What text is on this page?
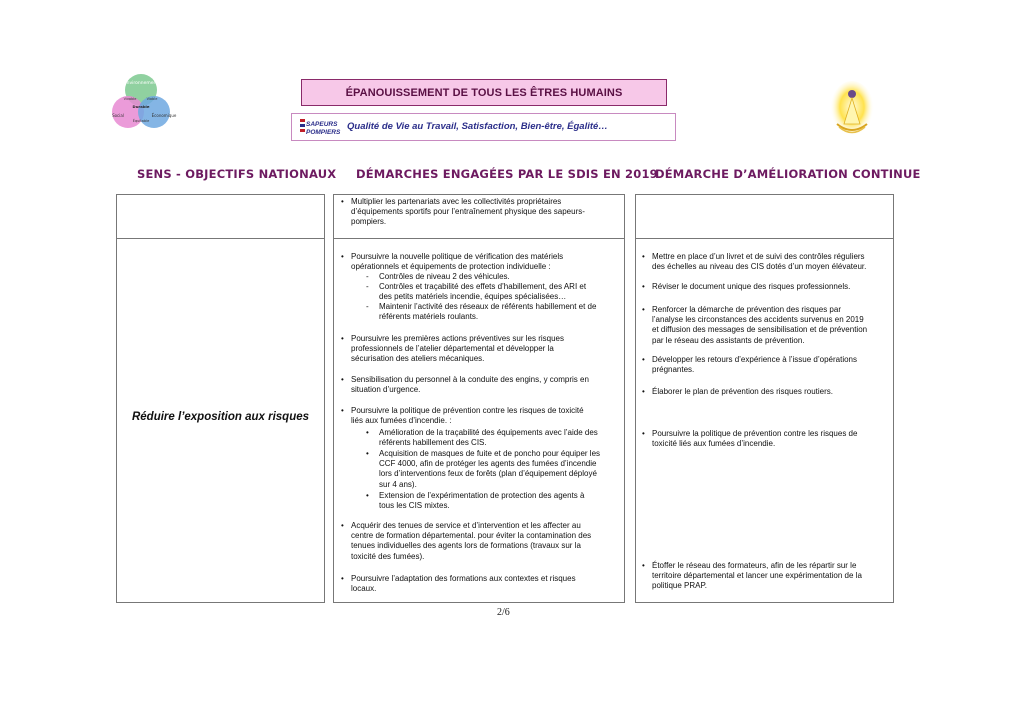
Environnement
Social	Économique
Vivable	Viable
Équitable
Durable
ÉPANOUISSEMENT DE TOUS LES ÊTRES HUMAINS
SAPEURS
POMPIERS
Qualité de Vie au Travail, Satisfaction, Bien-être, Égalité…
SENS - OBJECTIFS NATIONAUX DÉMARCHES ENGAGÉES PAR LE SDIS EN 2019
DÉMARCHE D’AMÉLIORATION CONTINUE
Réduire l’exposition aux risques
• Multiplier les partenariats avec les collectivités propriétaires
d’équipements sportifs pour l’entraînement physique des sapeurs-
pompiers.
• Poursuivre la nouvelle politique de vérification des matériels
opérationnels et équipements de protection individuelle :
- Contrôles de niveau 2 des véhicules.
- Contrôles et traçabilité des effets d’habillement, des ARI et
des petits matériels incendie, équipes spécialisées…
- Maintenir l’activité des réseaux de référents habillement et de
référents matériels roulants.
• Poursuivre les premières actions préventives sur les risques
professionnels de l’atelier départemental et développer la
sécurisation des ateliers mécaniques.
• Sensibilisation du personnel à la conduite des engins, y compris en
situation d’urgence.
• Poursuivre la politique de prévention contre les risques de toxicité
liés aux fumées d’incendie. :
• Amélioration de la traçabilité des équipements avec l’aide des
référents habillement des CIS.
• Acquisition de masques de fuite et de poncho pour équiper les
CCF 4000, afin de protéger les agents des fumées d’incendie
lors d’interventions feux de forêts (plan d’équipement déployé
sur 4 ans).
• Extension de l’expérimentation de protection des agents à
tous les CIS mixtes.
• Acquérir des tenues de service et d’intervention et les affecter au
centre de formation départemental. pour éviter la contamination des
tenues individuelles des agents lors de formations (travaux sur la
toxicité des fumées).
• Poursuivre l’adaptation des formations aux contextes et risques
locaux.
• Mettre en place d’un livret et de suivi des contrôles réguliers
des échelles au niveau des CIS dotés d’un moyen élévateur.
• Réviser le document unique des risques professionnels.
• Renforcer la démarche de prévention des risques par
l’analyse les circonstances des accidents survenus en 2019
et diffusion des messages de sensibilisation et de prévention
par le réseau des assistants de prévention.
• Développer les retours d’expérience à l’issue d’opérations
prégnantes.
• Élaborer le plan de prévention des risques routiers.
• Poursuivre la politique de prévention contre les risques de
toxicité liés aux fumées d’incendie.
• Étoffer le réseau des formateurs, afin de les répartir sur le
territoire départemental et lancer une expérimentation de la
politique PRAP.
2/6
